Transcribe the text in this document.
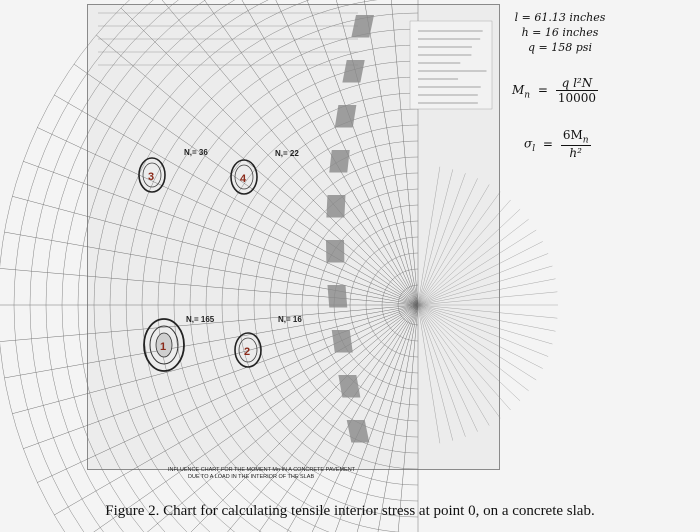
3	4
1	2
N,= 36	N,= 22
N,= 165	N,= 16
INFLUENCE CHART FOR THE MOMENT Mn IN A CONCRETE PAVEMENT
DUE TO A LOAD IN THE INTERIOR OF THE SLAB
l = 61.13 inches
h = 16 inches
q = 158 psi
$M_n = \frac{\text{q l²N}}{10000}$
$\sigma_l = \frac{6M_n}{\text{h²}}$
Figure 2. Chart for calculating tensile interior stress at point 0, on a concrete slab.
